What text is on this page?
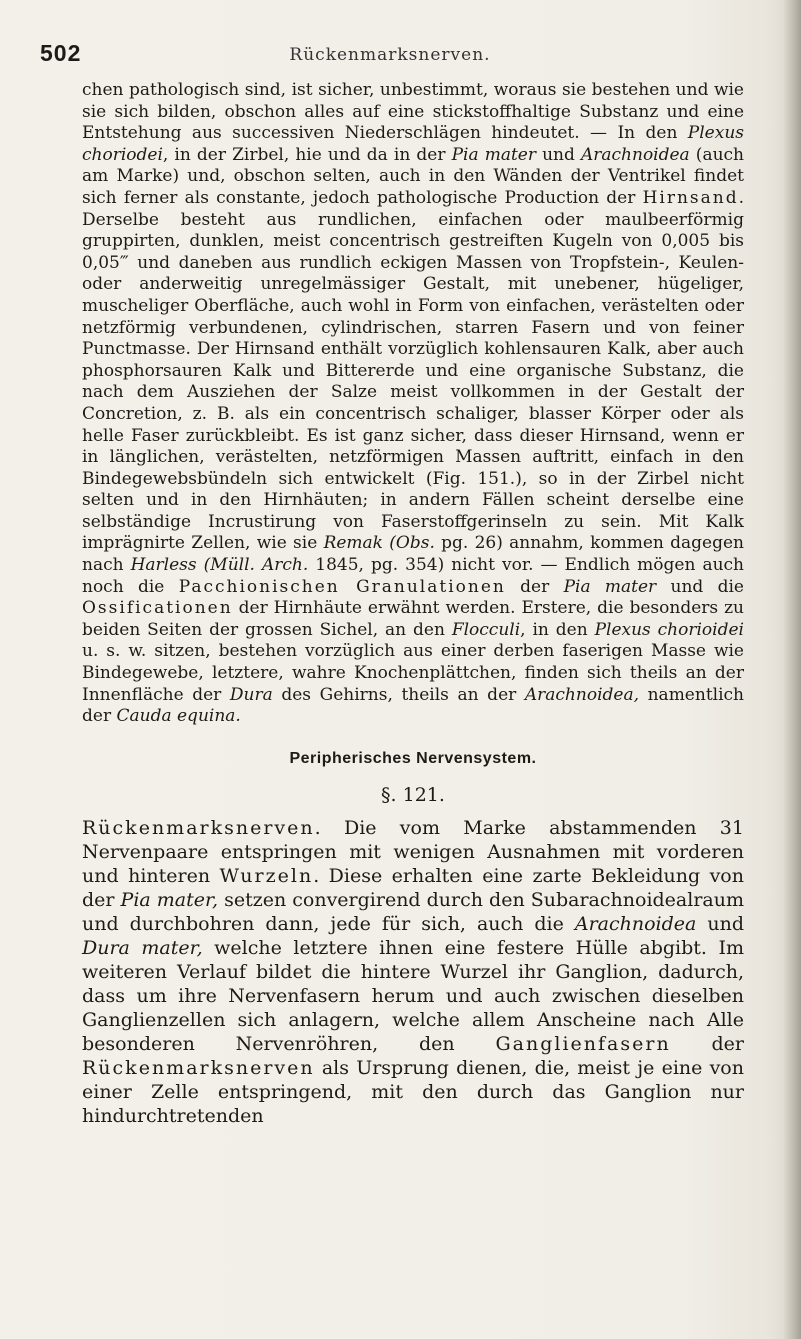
502	Rückenmarksnerven.

chen pathologisch sind, ist sicher, unbestimmt, woraus sie bestehen und wie sie sich bilden, obschon alles auf eine stickstoffhaltige Substanz und eine Entstehung aus successiven Niederschlägen hindeutet. — In den Plexus choriodei, in der Zirbel, hie und da in der Pia mater und Arachnoidea (auch am Marke) und, obschon selten, auch in den Wänden der Ventrikel findet sich ferner als constante, jedoch pathologische Production der Hirnsand. Derselbe besteht aus rundlichen, einfachen oder maulbeerförmig gruppirten, dunklen, meist concentrisch gestreiften Kugeln von 0,005 bis 0,05‴ und daneben aus rundlich eckigen Massen von Tropfstein-, Keulen- oder anderweitig unregelmässiger Gestalt, mit unebener, hügeliger, muscheliger Oberfläche, auch wohl in Form von einfachen, verästelten oder netzförmig verbundenen, cylindrischen, starren Fasern und von feiner Punctmasse. Der Hirnsand enthält vorzüglich kohlensauren Kalk, aber auch phosphorsauren Kalk und Bittererde und eine organische Substanz, die nach dem Ausziehen der Salze meist vollkommen in der Gestalt der Concretion, z. B. als ein concentrisch schaliger, blasser Körper oder als helle Faser zurückbleibt. Es ist ganz sicher, dass dieser Hirnsand, wenn er in länglichen, verästelten, netzförmigen Massen auftritt, einfach in den Bindegewebsbündeln sich entwickelt (Fig. 151.), so in der Zirbel nicht selten und in den Hirnhäuten; in andern Fällen scheint derselbe eine selbständige Incrustirung von Faserstoffgerinseln zu sein. Mit Kalk imprägnirte Zellen, wie sie Remak (Obs. pg. 26) annahm, kommen dagegen nach Harless (Müll. Arch. 1845, pg. 354) nicht vor. — Endlich mögen auch noch die Pacchionischen Granulationen der Pia mater und die Ossificationen der Hirnhäute erwähnt werden. Erstere, die besonders zu beiden Seiten der grossen Sichel, an den Flocculi, in den Plexus chorioidei u. s. w. sitzen, bestehen vorzüglich aus einer derben faserigen Masse wie Bindegewebe, letztere, wahre Knochenplättchen, finden sich theils an der Innenfläche der Dura des Gehirns, theils an der Arachnoidea, namentlich der Cauda equina.

Peripherisches Nervensystem.
§. 121.

Rückenmarksnerven. Die vom Marke abstammenden 31 Nervenpaare entspringen mit wenigen Ausnahmen mit vorderen und hinteren Wurzeln. Diese erhalten eine zarte Bekleidung von der Pia mater, setzen convergirend durch den Subarachnoidealraum und durchbohren dann, jede für sich, auch die Arachnoidea und Dura mater, welche letztere ihnen eine festere Hülle abgibt. Im weiteren Verlauf bildet die hintere Wurzel ihr Ganglion, dadurch, dass um ihre Nervenfasern herum und auch zwischen dieselben Ganglienzellen sich anlagern, welche allem Anscheine nach Alle besonderen Nervenröhren, den Ganglienfasern der Rückenmarksnerven als Ursprung dienen, die, meist je eine von einer Zelle entspringend, mit den durch das Ganglion nur hindurchtretenden
